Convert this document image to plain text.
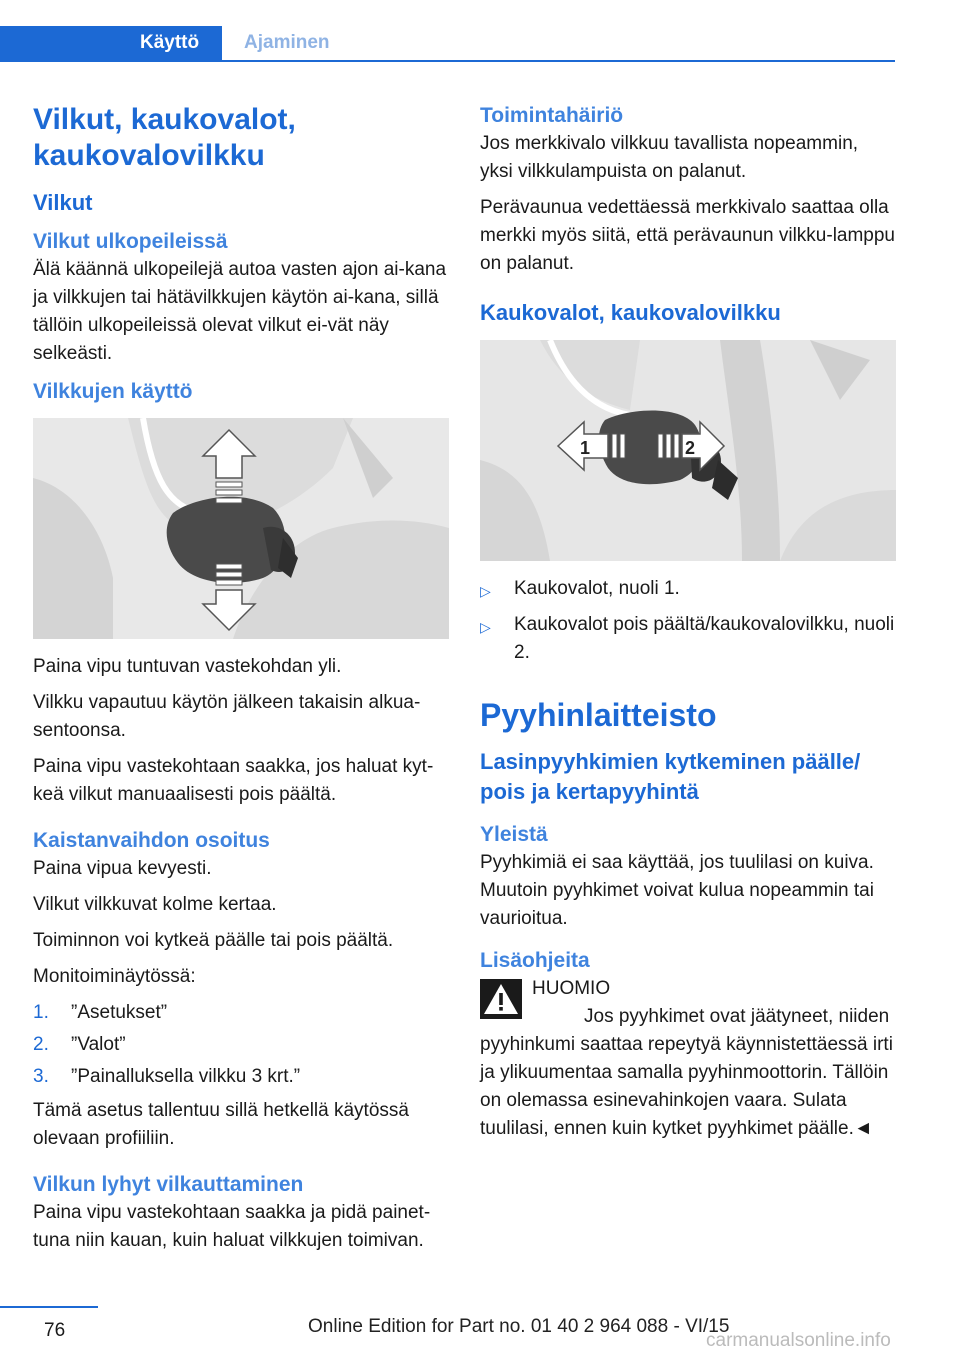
Käyttö	Ajaminen
Vilkut, kaukovalot, kaukovalovilkku
Vilkut
Vilkut ulkopeileissä

Älä käännä ulkopeilejä autoa vasten ajon ai-kana ja vilkkujen tai hätävilkkujen käytön ai-kana, sillä tällöin ulkopeileissä olevat vilkut ei-vät näy selkeästi.

Vilkkujen käyttö

Paina vipu tuntuvan vastekohdan yli.

Vilkku vapautuu käytön jälkeen takaisin alkua-sentoonsa.

Paina vipu vastekohtaan saakka, jos haluat kyt-keä vilkut manuaalisesti pois päältä.

Kaistanvaihdon osoitus

Paina vipua kevyesti.

Vilkut vilkkuvat kolme kertaa.

Toiminnon voi kytkeä päälle tai pois päältä.

Monitoiminäytössä:

1.	”Asetukset”
2.	”Valot”
3.	”Painalluksella vilkku 3 krt.”

Tämä asetus tallentuu sillä hetkellä käytössä olevaan profiiliin.

Vilkun lyhyt vilkauttaminen

Paina vipu vastekohtaan saakka ja pidä painet-tuna niin kauan, kuin haluat vilkkujen toimivan.

Toimintahäiriö

Jos merkkivalo vilkkuu tavallista nopeammin, yksi vilkkulampuista on palanut.

Perävaunua vedettäessä merkkivalo saattaa olla merkki myös siitä, että perävaunun vilkku-lamppu on palanut.

Kaukovalot, kaukovalovilkku
1	2
▷	Kaukovalot, nuoli 1.
▷	Kaukovalot pois päältä/kaukovalovilkku, nuoli 2.
Pyyhinlaitteisto
Lasinpyyhkimien kytkeminen päälle/ pois ja kertapyyhintä
Yleistä

Pyyhkimiä ei saa käyttää, jos tuulilasi on kuiva. Muutoin pyyhkimet voivat kulua nopeammin tai vaurioitua.

Lisäohjeita
HUOMIO

Jos pyyhkimet ovat jäätyneet, niiden pyyhinkumi saattaa repeytyä käynnistettäessä irti ja ylikuumentaa samalla pyyhinmoottorin. Tällöin on olemassa esinevahinkojen vaara. Sulata tuulilasi, ennen kuin kytket pyyhkimet päälle.◄

76	Online Edition for Part no. 01 40 2 964 088 - VI/15
carmanualsonline.info
